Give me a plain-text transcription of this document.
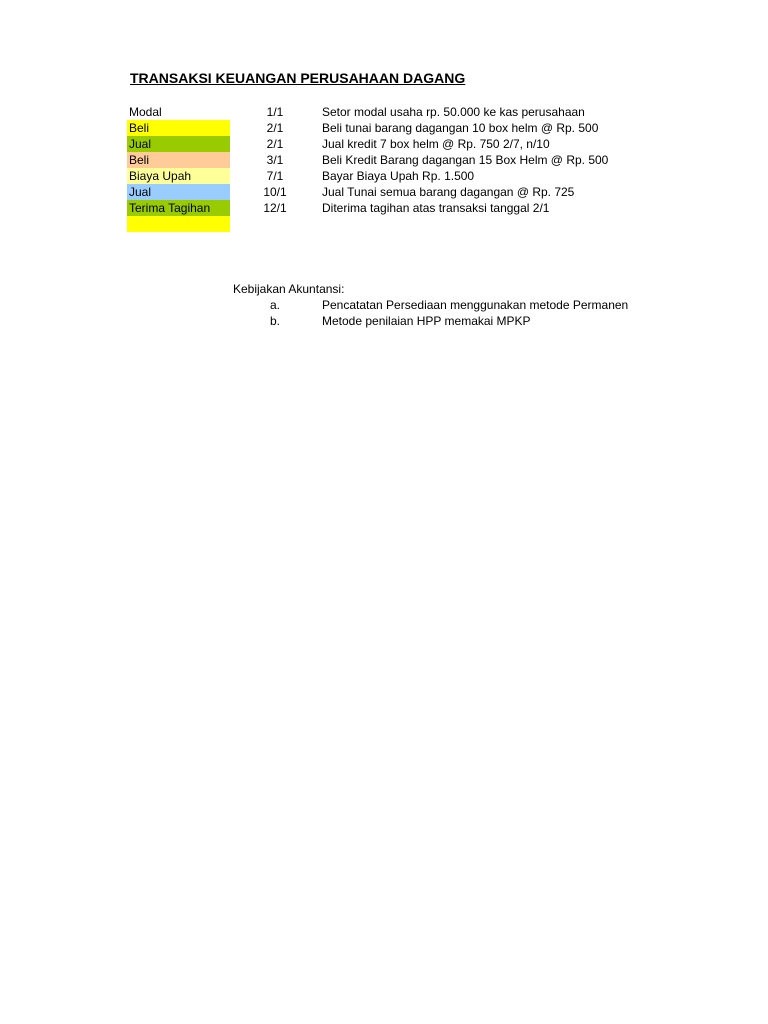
TRANSAKSI KEUANGAN PERUSAHAAN DAGANG
Modal	1/1	Setor modal usaha rp. 50.000 ke kas perusahaan
Beli	2/1	Beli tunai barang dagangan 10 box helm @ Rp. 500
Jual	2/1	Jual kredit 7 box helm @ Rp. 750 2/7, n/10
Beli	3/1	Beli Kredit Barang dagangan 15 Box Helm @ Rp. 500
Biaya Upah	7/1	Bayar Biaya Upah Rp. 1.500
Jual	10/1	Jual Tunai semua barang dagangan @ Rp. 725
Terima Tagihan	12/1	Diterima tagihan atas transaksi tanggal 2/1
Kebijakan Akuntansi:
a.	Pencatatan Persediaan menggunakan metode Permanen
b.	Metode penilaian HPP memakai MPKP
